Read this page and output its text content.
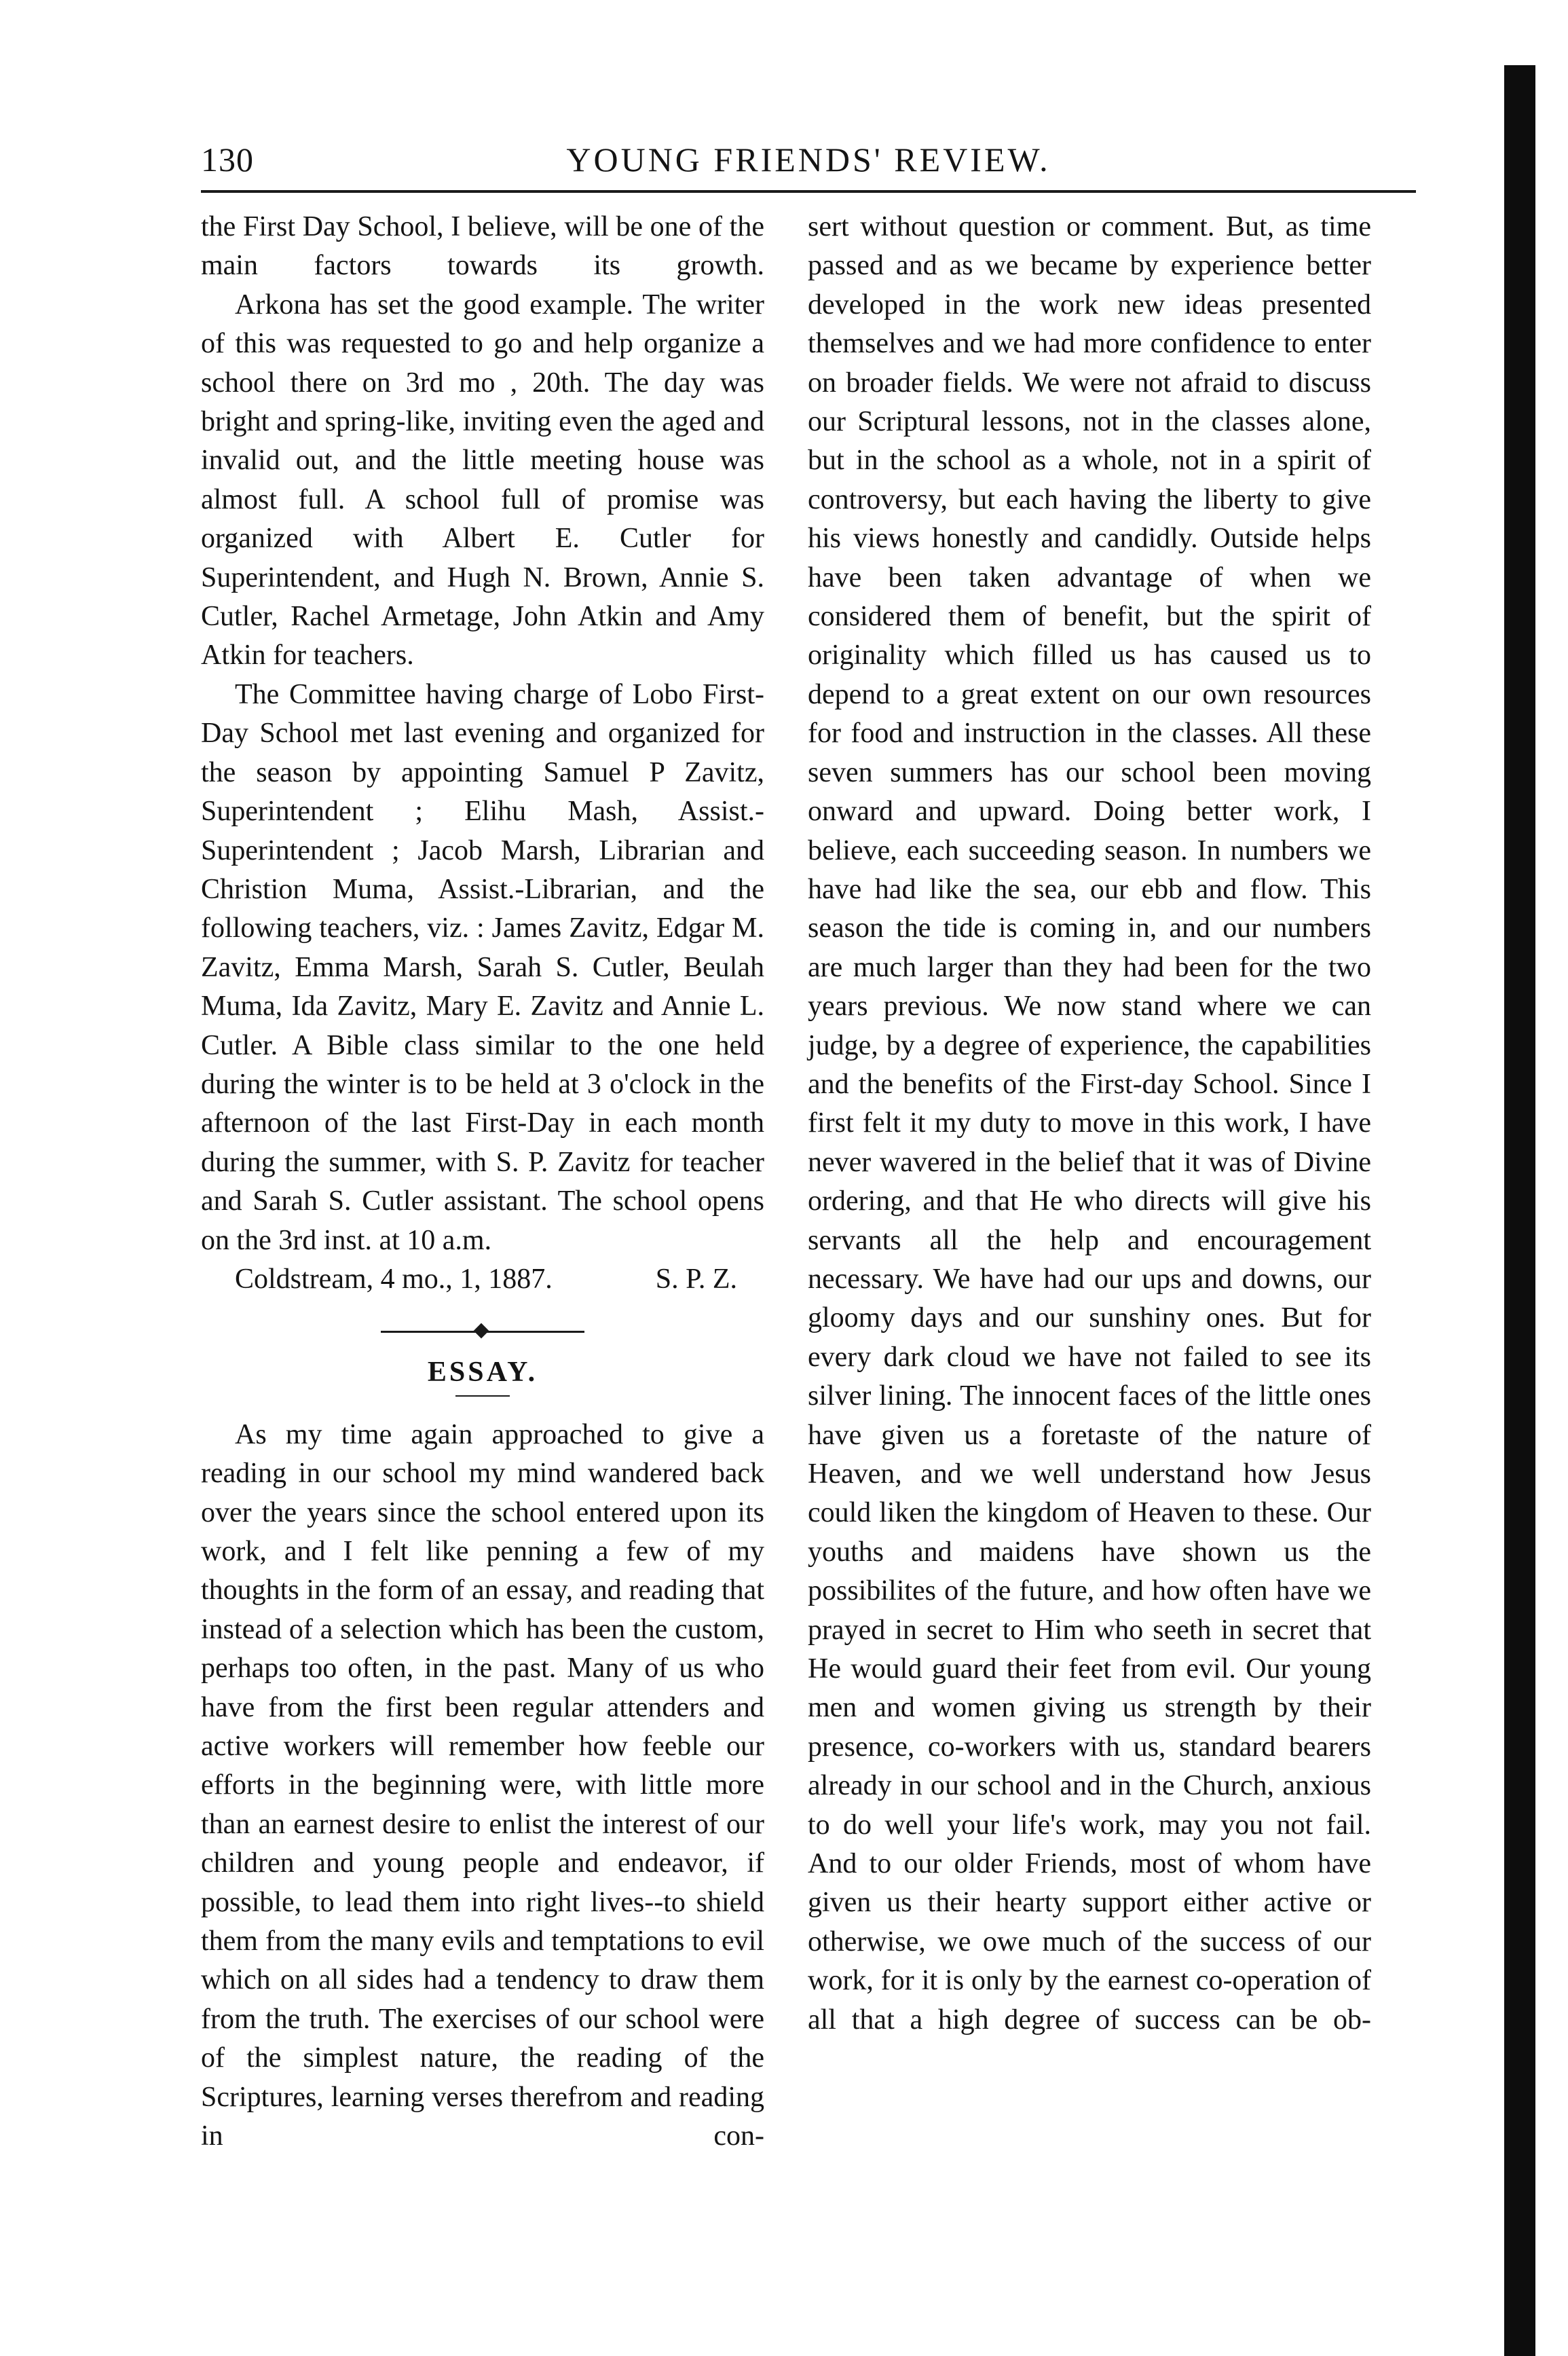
130	YOUNG FRIENDS' REVIEW.

the First Day School, I believe, will be one of the main factors towards its growth.

Arkona has set the good example. The writer of this was requested to go and help organize a school there on 3rd mo , 20th. The day was bright and spring-like, inviting even the aged and invalid out, and the little meeting house was almost full. A school full of promise was organized with Albert E. Cutler for Superintendent, and Hugh N. Brown, Annie S. Cutler, Rachel Armetage, John Atkin and Amy Atkin for teachers.

The Committee having charge of Lobo First-Day School met last evening and organized for the season by appointing Samuel P Zavitz, Superintendent ; Elihu Mash, Assist.-Superintendent ; Jacob Marsh, Librarian and Christion Muma, Assist.-Librarian, and the following teachers, viz. : James Zavitz, Edgar M. Zavitz, Emma Marsh, Sarah S. Cutler, Beulah Muma, Ida Zavitz, Mary E. Zavitz and Annie L. Cutler. A Bible class similar to the one held during the winter is to be held at 3 o'clock in the afternoon of the last First-Day in each month during the summer, with S. P. Zavitz for teacher and Sarah S. Cutler assistant. The school opens on the 3rd inst. at 10 a.m.

Coldstream, 4 mo., 1, 1887.	S. P. Z.
ESSAY.

As my time again approached to give a reading in our school my mind wandered back over the years since the school entered upon its work, and I felt like penning a few of my thoughts in the form of an essay, and reading that instead of a selection which has been the custom, perhaps too often, in the past. Many of us who have from the first been regular attenders and active workers will remember how feeble our efforts in the beginning were, with little more than an earnest desire to enlist the interest of our children and young people and endeavor, if possible, to lead them into right lives--to shield them from the many evils and temptations to evil which on all sides had a tendency to draw them from the truth. The exercises of our school were of the simplest nature, the reading of the Scriptures, learning verses therefrom and reading in con-

sert without question or comment. But, as time passed and as we became by experience better developed in the work new ideas presented themselves and we had more confidence to enter on broader fields. We were not afraid to discuss our Scriptural lessons, not in the classes alone, but in the school as a whole, not in a spirit of controversy, but each having the liberty to give his views honestly and candidly. Outside helps have been taken advantage of when we considered them of benefit, but the spirit of originality which filled us has caused us to depend to a great extent on our own resources for food and instruction in the classes. All these seven summers has our school been moving onward and upward. Doing better work, I believe, each succeeding season. In numbers we have had like the sea, our ebb and flow. This season the tide is coming in, and our numbers are much larger than they had been for the two years previous. We now stand where we can judge, by a degree of experience, the capabilities and the benefits of the First-day School. Since I first felt it my duty to move in this work, I have never wavered in the belief that it was of Divine ordering, and that He who directs will give his servants all the help and encouragement necessary. We have had our ups and downs, our gloomy days and our sunshiny ones. But for every dark cloud we have not failed to see its silver lining. The innocent faces of the little ones have given us a foretaste of the nature of Heaven, and we well understand how Jesus could liken the kingdom of Heaven to these. Our youths and maidens have shown us the possibilites of the future, and how often have we prayed in secret to Him who seeth in secret that He would guard their feet from evil. Our young men and women giving us strength by their presence, co-workers with us, standard bearers already in our school and in the Church, anxious to do well your life's work, may you not fail. And to our older Friends, most of whom have given us their hearty support either active or otherwise, we owe much of the success of our work, for it is only by the earnest co-operation of all that a high degree of success can be ob-
